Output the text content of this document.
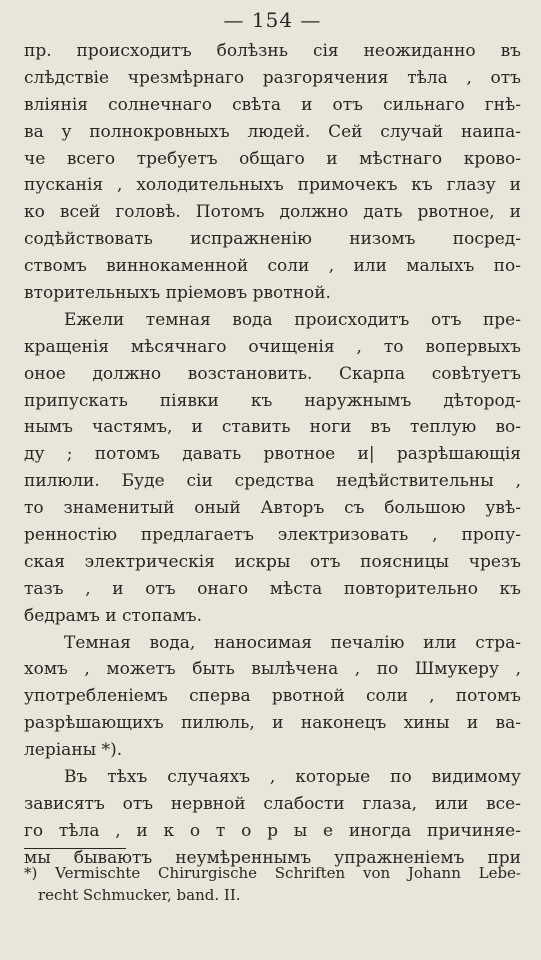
— 154 —
пр. происходитъ болѣзнь сія неожиданно въ
слѣдствіе чрезмѣрнаго разгорячения тѣла , отъ
вліянія солнечнаго свѣта и отъ сильнаго гнѣ-
ва у полнокровныхъ людей. Сей случай наипа-
че всего требуетъ общаго и мѣстнаго крово-
пусканія , холодительныхъ примочекъ къ глазу и
ко всей головѣ. Потомъ должно дать рвотное, и
содѣйствовать испражненію низомъ посред-
ствомъ виннокаменной соли , или малыхъ по-
вторительныхъ пріемовъ рвотной.
Ежели темная вода происходитъ отъ пре-
кращенія мѣсячнаго очищенія , то вопервыхъ
оное должно возстановить. Скарпа совѣтуетъ
припускать піявки къ наружнымъ дѣтород-
нымъ частямъ, и ставить ноги въ теплую во-
ду ; потомъ давать рвотное и| разрѣшающія
пилюли. Буде сіи средства недѣйствительны ,
то знаменитый оный Авторъ съ большою увѣ-
ренностію предлагаетъ электризовать , пропу-
ская электрическія искры отъ поясницы чрезъ
тазъ , и отъ онаго мѣста повторительно къ
бедрамъ и стопамъ.
Темная вода, наносимая печалію или стра-
хомъ , можетъ быть вылѣчена , по Шмукеру ,
употребленіемъ сперва рвотной соли , потомъ
разрѣшающихъ пилюль, и наконецъ хины и ва-
леріаны *).
Въ тѣхъ случаяхъ , которые по видимому
зависятъ отъ нервной слабости глаза, или все-
го тѣла , и к о т о р ы е иногда причиняе-
мы бываютъ неумѣреннымъ упражненіемъ при
*) Vermischte Chirurgische Schriften von Johann Lebe-
recht Schmucker, band. II.
